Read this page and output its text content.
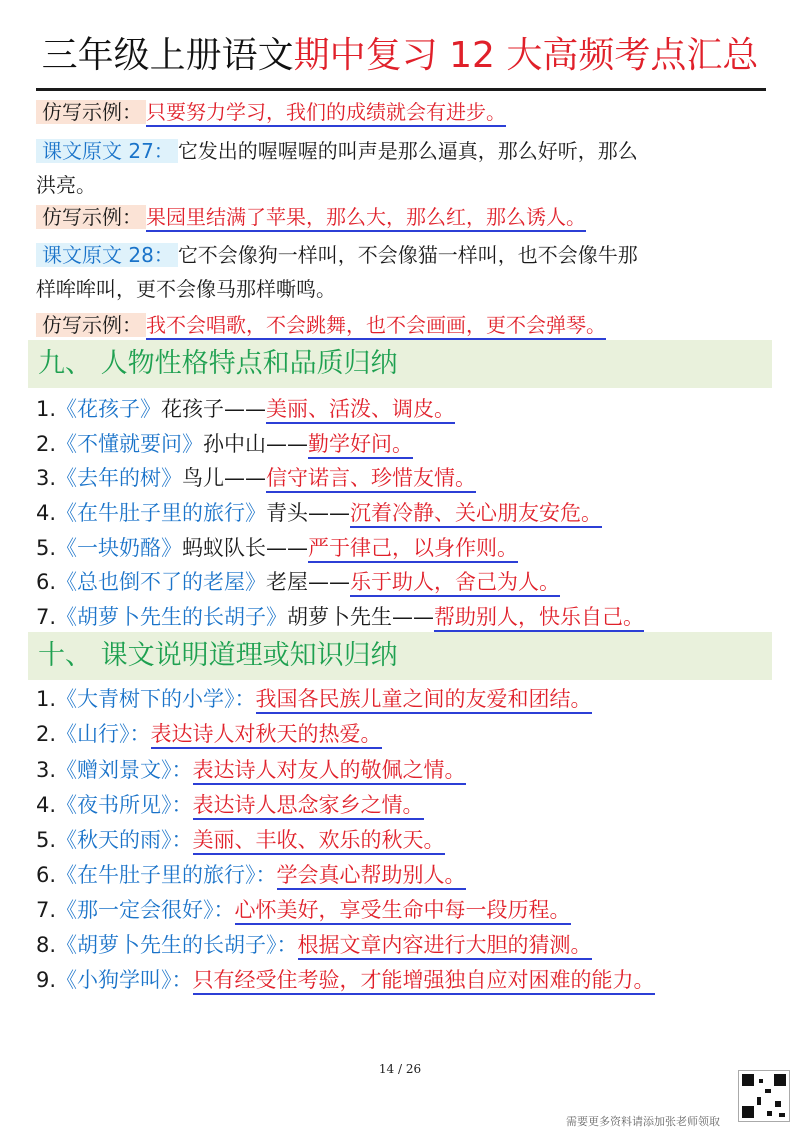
三年级上册语文期中复习 12 大高频考点汇总
仿写示例： 只要努力学习，我们的成绩就会有进步。
课文原文 27： 它发出的喔喔喔的叫声是那么逼真，那么好听，那么
洪亮。
仿写示例： 果园里结满了苹果，那么大，那么红，那么诱人。
课文原文 28： 它不会像狗一样叫，不会像猫一样叫，也不会像牛那
样哞哞叫，更不会像马那样嘶鸣。
仿写示例： 我不会唱歌，不会跳舞，也不会画画，更不会弹琴。
九、 人物性格特点和品质归纳
1.《花孩子》花孩子——美丽、活泼、调皮。
2.《不懂就要问》孙中山——勤学好问。
3.《去年的树》鸟儿——信守诺言、珍惜友情。
4.《在牛肚子里的旅行》青头——沉着冷静、关心朋友安危。
5.《一块奶酪》蚂蚁队长——严于律己，以身作则。
6.《总也倒不了的老屋》老屋——乐于助人，舍己为人。
7.《胡萝卜先生的长胡子》胡萝卜先生——帮助别人，快乐自己。
十、 课文说明道理或知识归纳
1.《大青树下的小学》：我国各民族儿童之间的友爱和团结。
2.《山行》：表达诗人对秋天的热爱。
3.《赠刘景文》：表达诗人对友人的敬佩之情。
4.《夜书所见》：表达诗人思念家乡之情。
5.《秋天的雨》：美丽、丰收、欢乐的秋天。
6.《在牛肚子里的旅行》：学会真心帮助别人。
7.《那一定会很好》：心怀美好，享受生命中每一段历程。
8.《胡萝卜先生的长胡子》：根据文章内容进行大胆的猜测。
9.《小狗学叫》：只有经受住考验，才能增强独自应对困难的能力。
14 / 26
需要更多资料请添加张老师领取
